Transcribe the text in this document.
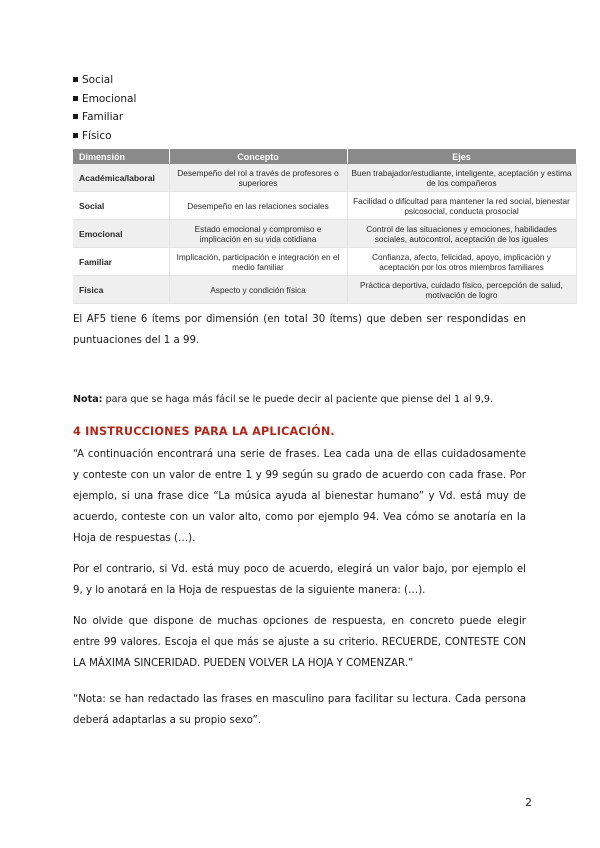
Social
Emocional
Familiar
Físico
Dimensión	Concepto	Ejes
Académica/laboral	Desempeño del rol a través de profesores o superiores	Buen trabajador/estudiante, inteligente, aceptación y estima de los compañeros
Social	Desempeño en las relaciones sociales	Facilidad o dificultad para mantener la red social, bienestar psicosocial, conducta prosocial
Emocional	Estado emocional y compromiso e implicación en su vida cotidiana	Control de las situaciones y emociones, habilidades sociales, autocontrol, aceptación de los iguales
Familiar	Implicación, participación e integración en el medio familiar	Confianza, afecto, felicidad, apoyo, implicación y aceptación por los otros miembros familiares
Física	Aspecto y condición física	Práctica deportiva, cuidado físico, percepción de salud, motivación de logro

El AF5 tiene 6 ítems por dimensión (en total 30 ítems) que deben ser respondidas en puntuaciones del 1 a 99.

Nota: para que se haga más fácil se le puede decir al paciente que piense del 1 al 9,9.

4 INSTRUCCIONES PARA LA APLICACIÓN.

“A continuación encontrará una serie de frases. Lea cada una de ellas cuidadosamente y conteste con un valor de entre 1 y 99 según su grado de acuerdo con cada frase. Por ejemplo, si una frase dice “La música ayuda al bienestar humano” y Vd. está muy de acuerdo, conteste con un valor alto, como por ejemplo 94. Vea cómo se anotaría en la Hoja de respuestas (…).

Por el contrario, si Vd. está muy poco de acuerdo, elegirá un valor bajo, por ejemplo el 9, y lo anotará en la Hoja de respuestas de la siguiente manera: (…).

No olvide que dispone de muchas opciones de respuesta, en concreto puede elegir entre 99 valores. Escoja el que más se ajuste a su criterio. RECUERDE, CONTESTE CON LA MÁXIMA SINCERIDAD. PUEDEN VOLVER LA HOJA Y COMENZAR.”

“Nota: se han redactado las frases en masculino para facilitar su lectura. Cada persona deberá adaptarlas a su propio sexo”.

2
